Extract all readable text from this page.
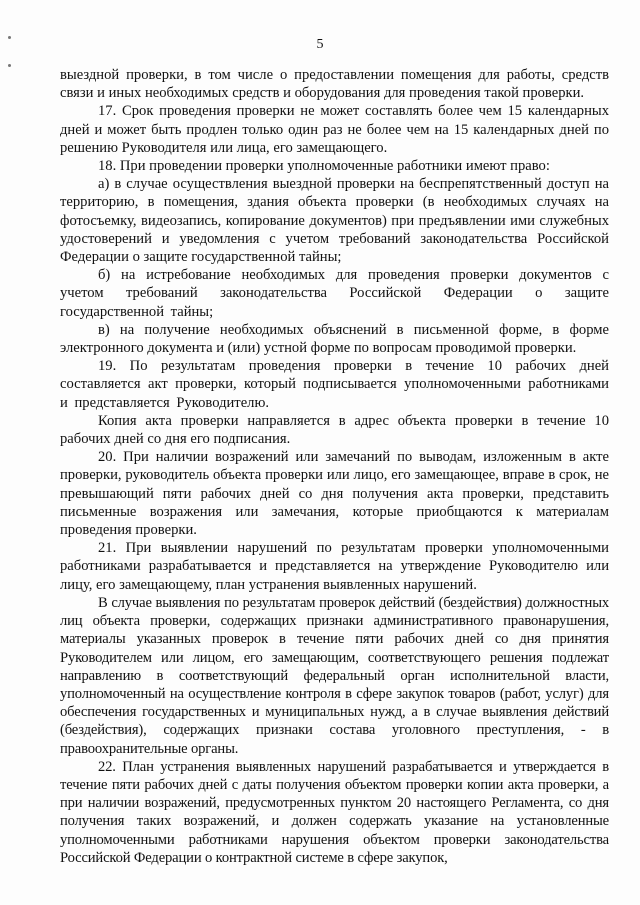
5

выездной проверки, в том числе о предоставлении помещения для работы, средств связи и иных необходимых средств и оборудования для проведения такой проверки.

17. Срок проведения проверки не может составлять более чем 15 календарных дней и может быть продлен только один раз не более чем на 15 календарных дней по решению Руководителя или лица, его замещающего.

18. При проведении проверки уполномоченные работники имеют право:

а) в случае осуществления выездной проверки на беспрепятственный доступ на территорию, в помещения, здания объекта проверки (в необходимых случаях на фотосъемку, видеозапись, копирование документов) при предъявлении ими служебных удостоверений и уведомления с учетом требований законодательства Российской Федерации о защите государственной тайны;

б) на истребование необходимых для проведения проверки документов с учетом требований законодательства Российской Федерации о защите государственной тайны;

в) на получение необходимых объяснений в письменной форме, в форме электронного документа и (или) устной форме по вопросам проводимой проверки.

19. По результатам проведения проверки в течение 10 рабочих дней составляется акт проверки, который подписывается уполномоченными работниками и представляется Руководителю.

Копия акта проверки направляется в адрес объекта проверки в течение 10 рабочих дней со дня его подписания.

20. При наличии возражений или замечаний по выводам, изложенным в акте проверки, руководитель объекта проверки или лицо, его замещающее, вправе в срок, не превышающий пяти рабочих дней со дня получения акта проверки, представить письменные возражения или замечания, которые приобщаются к материалам проведения проверки.

21. При выявлении нарушений по результатам проверки уполномоченными работниками разрабатывается и представляется на утверждение Руководителю или лицу, его замещающему, план устранения выявленных нарушений.

В случае выявления по результатам проверок действий (бездействия) должностных лиц объекта проверки, содержащих признаки административного правонарушения, материалы указанных проверок в течение пяти рабочих дней со дня принятия Руководителем или лицом, его замещающим, соответствующего решения подлежат направлению в соответствующий федеральный орган исполнительной власти, уполномоченный на осуществление контроля в сфере закупок товаров (работ, услуг) для обеспечения государственных и муниципальных нужд, а в случае выявления действий (бездействия), содержащих признаки состава уголовного преступления, - в правоохранительные органы.

22. План устранения выявленных нарушений разрабатывается и утверждается в течение пяти рабочих дней с даты получения объектом проверки копии акта проверки, а при наличии возражений, предусмотренных пунктом 20 настоящего Регламента, со дня получения таких возражений, и должен содержать указание на установленные уполномоченными работниками нарушения объектом проверки законодательства Российской Федерации о контрактной системе в сфере закупок,
